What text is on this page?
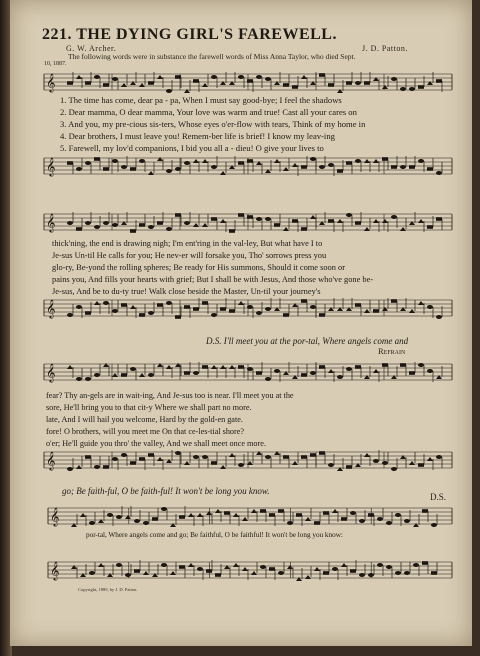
221. THE DYING GIRL'S FAREWELL.
G. W. Archer.	J. D. Patton.
The following words were in substance the farewell words of Miss Anna Taylor, who died Sept.
10, 1887.
𝄞
𝄞
𝄞
𝄞
𝄞
𝄞
𝄞
𝄞
1. The time has come, dear pa - pa, When I must say good-bye; I feel the shadows
2. Dear mamma, O dear mamma, Your love was warm and true! Cast all your cares on
3. And you, my pre-cious sis-ters, Whose eyes o'er-flow with tears, Think of my home in
4. Dear brothers, I must leave you! Remem-ber life is brief! I know my leav-ing
5. Farewell, my lov'd companions, I bid you all a - dieu! O give your lives to
thick'ning, the end is drawing nigh; I'm ent'ring in the val-ley, But what have I to
Je-sus Un-til He calls for you; He nev-er will forsake you, Tho' sorrows press you
glo-ry, Be-yond the rolling spheres; Be ready for His summons, Should it come soon or
pains you, And fills your hearts with grief; But I shall be with Jesus, And those who've gone be-
Je-sus, And be to du-ty true! Walk close beside the Master, Un-til your journey's
D.S. I'll meet you at the por-tal, Where angels come and
Refrain
fear? Thy an-gels are in wait-ing, And Je-sus too is near. I'll meet you at the
sore, He'll bring you to that cit-y Where we shall part no more.
late, And I will hail you welcome, Hard by the gold-en gate.
fore! O brothers, will you meet me On that ce-les-tial shore?
o'er; He'll guide you thro' the valley, And we shall meet once more.
go; Be faith-ful, O be faith-ful! It won't be long you know.
D.S.
por-tal, Where angels come and go; Be faithful, O be faithful! It won't be long you know:
Copyright, 1889, by J. D. Patton.
